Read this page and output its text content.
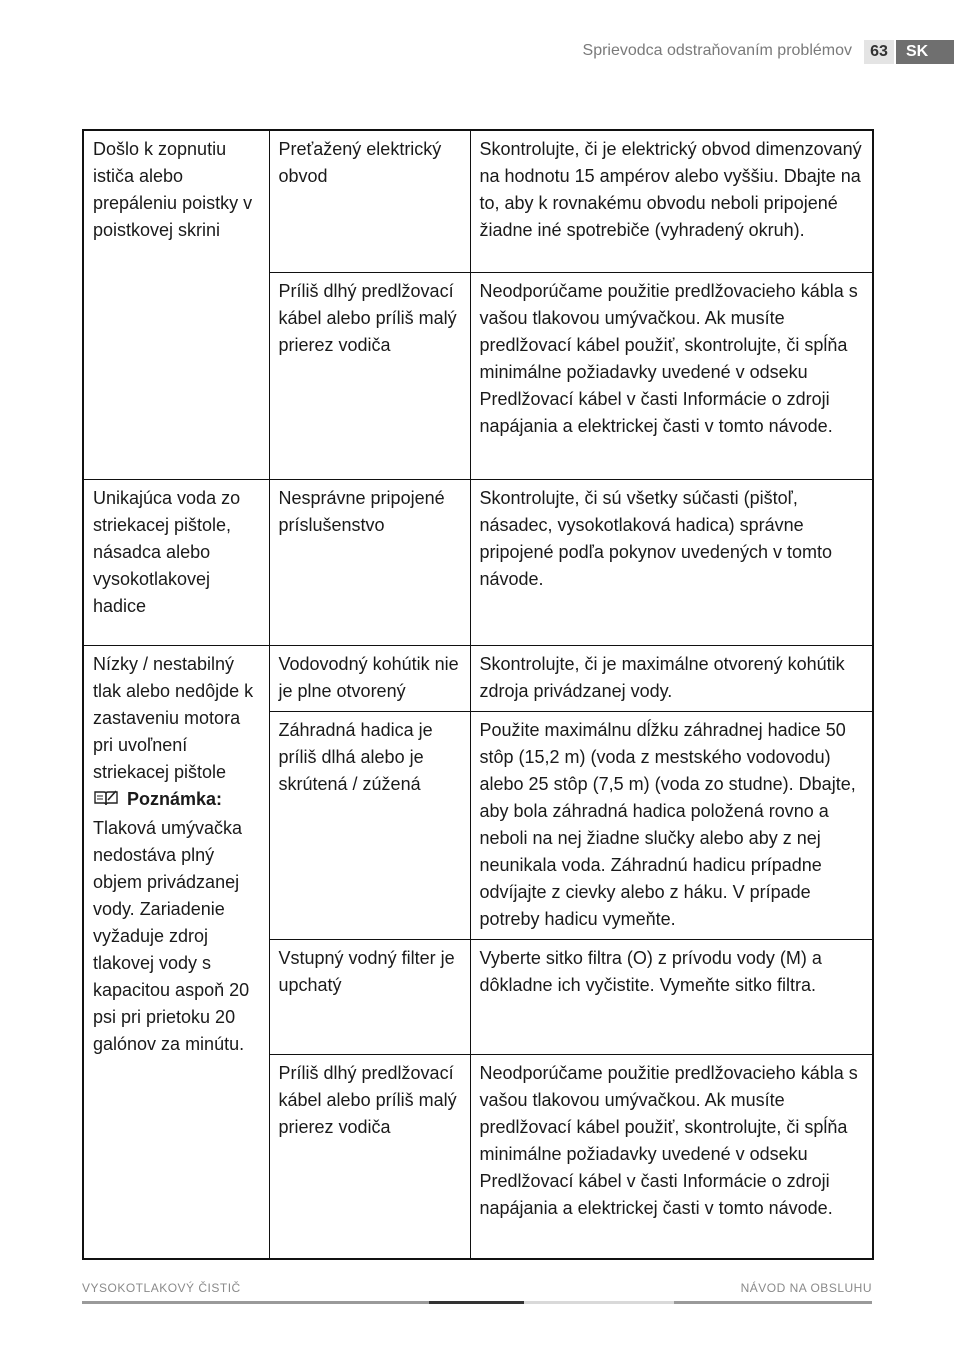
Sprievodca odstraňovaním problémov	63	SK
Došlo k zopnutiu ističa alebo prepáleniu poistky v poistkovej skrini	Preťažený elektrický obvod	Skontrolujte, či je elektrický obvod dimenzovaný na hodnotu 15 ampérov alebo vyššiu. Dbajte na to, aby k rovnakému obvodu neboli pripojené žiadne iné spotrebiče (vyhradený okruh).
	Príliš dlhý predlžovací kábel alebo príliš malý prierez vodiča	Neodporúčame použitie predlžovacieho kábla s vašou tlakovou umývačkou. Ak musíte predlžovací kábel použiť, skontrolujte, či spĺňa minimálne požiadavky uvedené v odseku Predlžovací kábel v časti Informácie o zdroji napájania a elektrickej časti v tomto návode.
Unikajúca voda zo striekacej pištole, násadca alebo vysokotlakovej hadice	Nesprávne pripojené príslušenstvo	Skontrolujte, či sú všetky súčasti (pištoľ, násadec, vysokotlaková hadica) správne pripojené podľa pokynov uvedených v tomto návode.
Nízky / nestabilný tlak alebo nedôjde k zastaveniu motora pri uvoľnení striekacej pištole
Poznámka:
Tlaková umývačka nedostáva plný objem privádzanej vody. Zariadenie vyžaduje zdroj tlakovej vody s kapacitou aspoň 20 psi pri prietoku 20 galónov za minútu.	Vodovodný kohútik nie je plne otvorený	Skontrolujte, či je maximálne otvorený kohútik zdroja privádzanej vody.
	Záhradná hadica je príliš dlhá alebo je skrútená / zúžená	Použite maximálnu dĺžku záhradnej hadice 50 stôp (15,2 m) (voda z mestského vodovodu) alebo 25 stôp (7,5 m) (voda zo studne). Dbajte, aby bola záhradná hadica položená rovno a neboli na nej žiadne slučky alebo aby z nej neunikala voda. Záhradnú hadicu prípadne odvíjajte z cievky alebo z háku. V prípade potreby hadicu vymeňte.
	Vstupný vodný filter je upchatý	Vyberte sitko filtra (O) z prívodu vody (M) a dôkladne ich vyčistite. Vymeňte sitko filtra.
	Príliš dlhý predlžovací kábel alebo príliš malý prierez vodiča	Neodporúčame použitie predlžovacieho kábla s vašou tlakovou umývačkou. Ak musíte predlžovací kábel použiť, skontrolujte, či spĺňa minimálne požiadavky uvedené v odseku Predlžovací kábel v časti Informácie o zdroji napájania a elektrickej časti v tomto návode.
VYSOKOTLAKOVÝ ČISTIČ	NÁVOD NA OBSLUHU
